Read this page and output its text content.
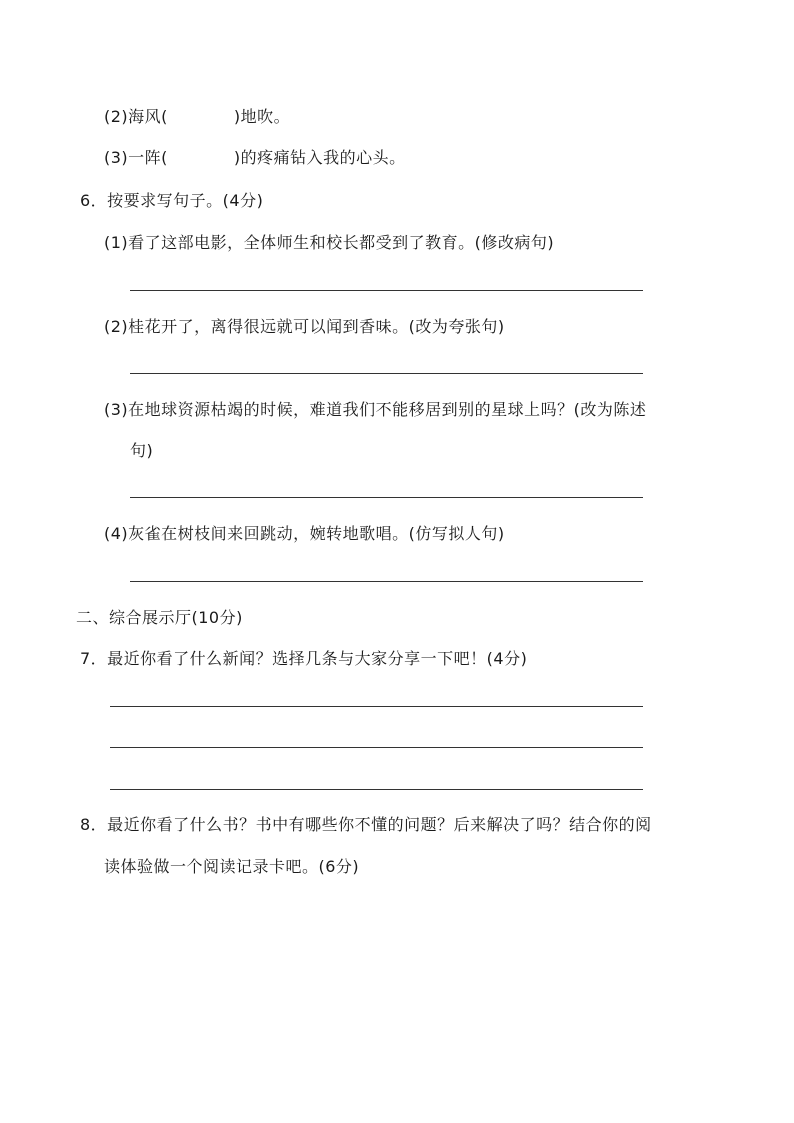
(2)海风(　　　　)地吹。
(3)一阵(　　　　)的疼痛钻入我的心头。
6．按要求写句子。(4分)
(1)看了这部电影，全体师生和校长都受到了教育。(修改病句)
(2)桂花开了，离得很远就可以闻到香味。(改为夸张句)
(3)在地球资源枯竭的时候，难道我们不能移居到别的星球上吗？(改为陈述
句)
(4)灰雀在树枝间来回跳动，婉转地歌唱。(仿写拟人句)
二、综合展示厅(10分)
7．最近你看了什么新闻？选择几条与大家分享一下吧！(4分)
8．最近你看了什么书？书中有哪些你不懂的问题？后来解决了吗？结合你的阅
读体验做一个阅读记录卡吧。(6分)
